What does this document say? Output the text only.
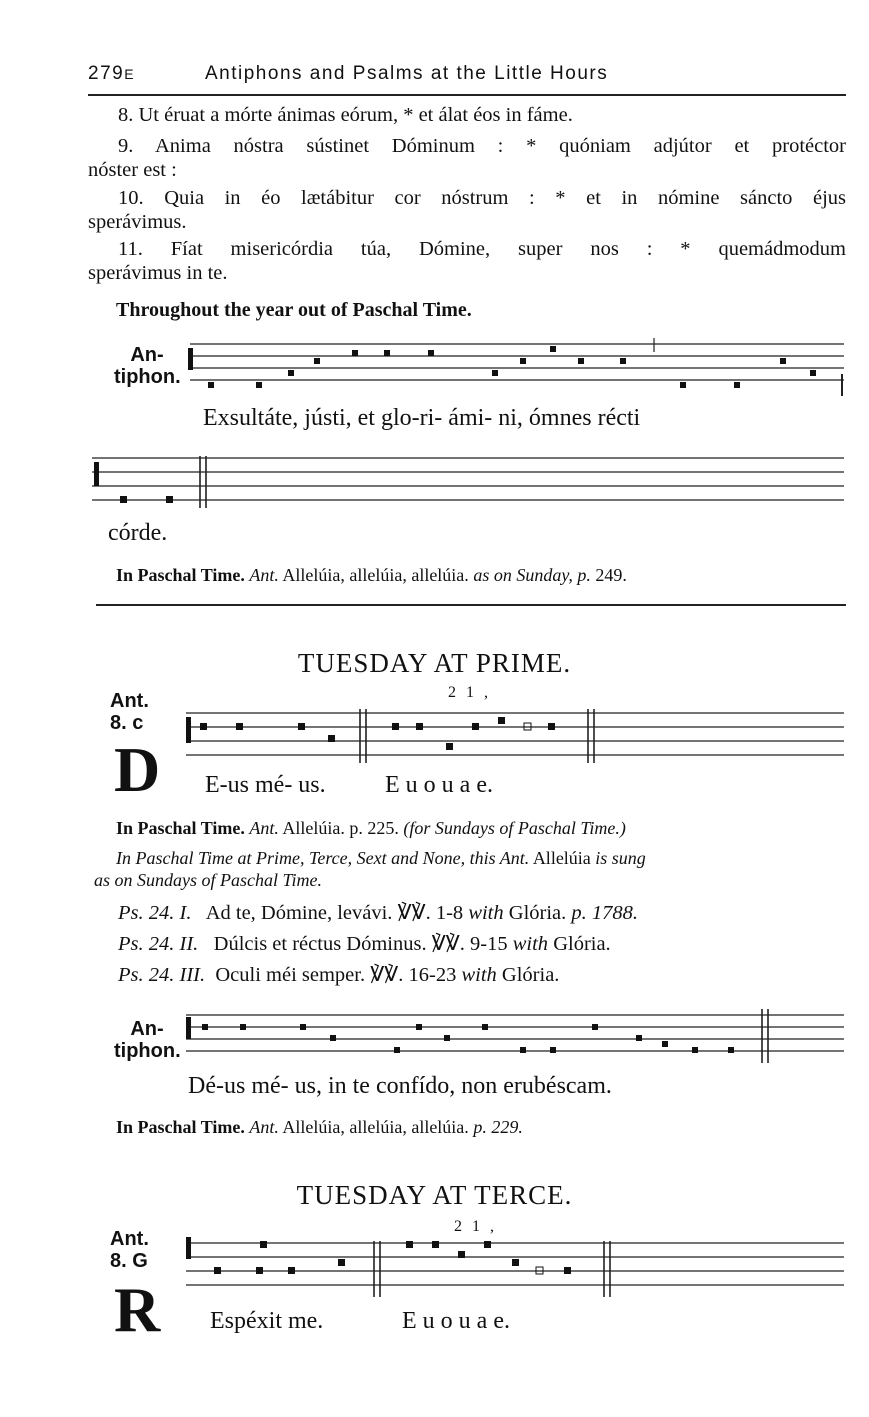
279E	Antiphons and Psalms at the Little Hours
8. Ut éruat a mórte ánimas eórum, * et álat éos in fáme.
9. Anima nóstra sústinet Dóminum : * quóniam adjútor et protéctor
nóster est :
10. Quia in éo lætábitur cor nóstrum : * et in nómine sáncto éjus
sperávimus.
11. Fíat misericórdia túa, Dómine, super nos : * quemádmodum
sperávimus in te.
Throughout the year out of Paschal Time.
An-
tiphon.
Exsultáte, jústi, et glo-ri- ámi- ni, ómnes récti
córde.
In Paschal Time. Ant. Allelúia, allelúia, allelúia. as on Sunday, p. 249.
TUESDAY AT PRIME.
Ant.
8. c
D
2 1 ,
E-us mé- us. E u o u a e.
In Paschal Time. Ant. Allelúia. p. 225. (for Sundays of Paschal Time.)
In Paschal Time at Prime, Terce, Sext and None, this Ant. Allelúia is sung
as on Sundays of Paschal Time.
Ps. 24. I. Ad te, Dómine, levávi. ℣℣. 1-8 with Glória. p. 1788.
Ps. 24. II. Dúlcis et réctus Dóminus. ℣℣. 9-15 with Glória.
Ps. 24. III. Oculi méi semper. ℣℣. 16-23 with Glória.
An-
tiphon.
Dé-us mé- us, in te confído, non erubéscam.
In Paschal Time. Ant. Allelúia, allelúia, allelúia. p. 229.
TUESDAY AT TERCE.
Ant.
8. G
R
2 1 ,
Espéxit me.	E u o u a e.
